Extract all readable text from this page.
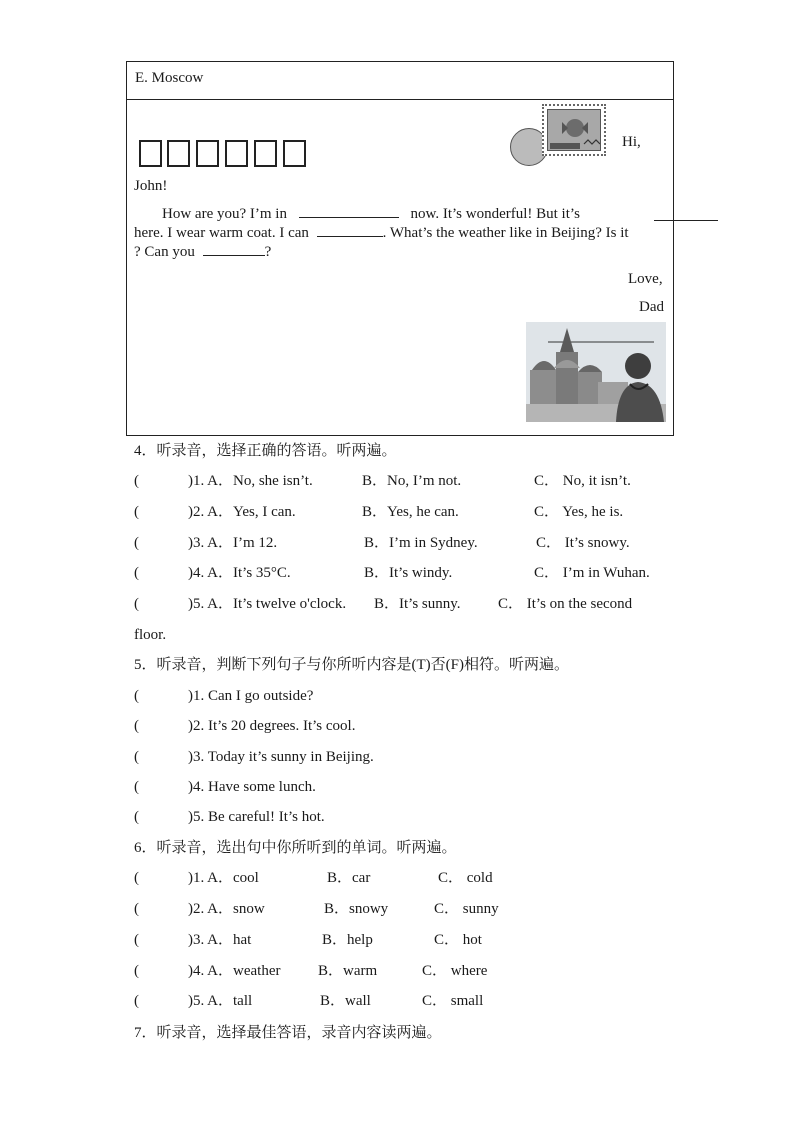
E. Moscow
Hi,
John!
How are you? I’m in	now. It’s wonderful! But it’s
here. I wear warm coat. I can	. What’s the weather like in Beijing? Is it
? Can you	?
Love,
Dad
4．听录音，选择正确的答语。听两遍。
(	)1. A．No, she isn’t.	B．No, I’m not.	C． No, it isn’t.
(	)2. A．Yes, I can.	B．Yes, he can.	C． Yes, he is.
(	)3. A．I’m 12.	B．I’m in Sydney.	C． It’s snowy.
(	)4. A．It’s 35°C.	B．It’s windy.	C． I’m in Wuhan.
(	)5. A．It’s twelve o'clock. B．It’s sunny. C． It’s on the second
floor.
5．听录音，判断下列句子与你所听内容是(T)否(F)相符。听两遍。
(	)1. Can I go outside?
(	)2. It’s 20 degrees. It’s cool.
(	)3. Today it’s sunny in Beijing.
(	)4. Have some lunch.
(	)5. Be careful! It’s hot.
6．听录音，选出句中你所听到的单词。听两遍。
(	)1. A．cool	B．car	C． cold
(	)2. A．snow	B．snowy	C． sunny
(	)3. A．hat	B．help	C． hot
(	)4. A．weather	B．warm	C． where
(	)5. A．tall	B．wall	C． small
7．听录音，选择最佳答语，录音内容读两遍。
